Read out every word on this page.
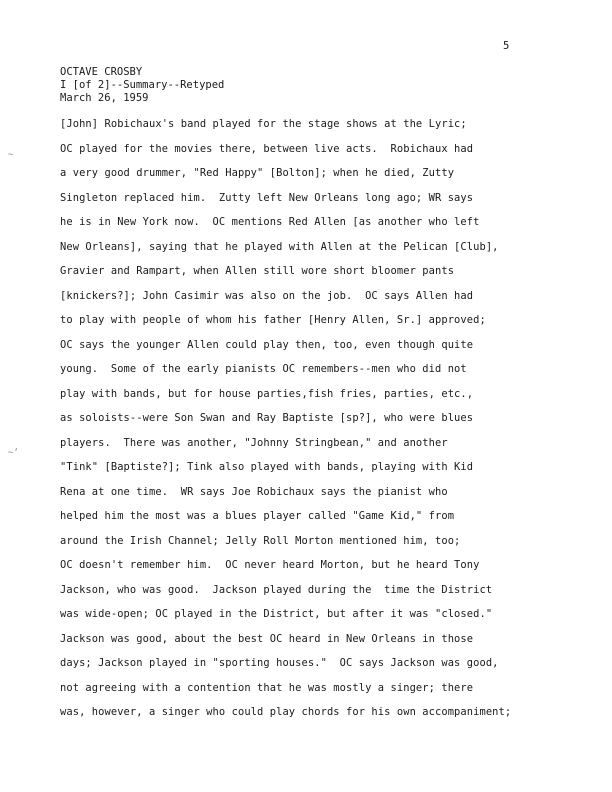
5
OCTAVE CROSBY
I [of 2]--Summary--Retyped
March 26, 1959
∼
∼‘
[John] Robichaux's band played for the stage shows at the Lyric;
OC played for the movies there, between live acts.  Robichaux had
a very good drummer, "Red Happy" [Bolton]; when he died, Zutty
Singleton replaced him.  Zutty left New Orleans long ago; WR says
he is in New York now.  OC mentions Red Allen [as another who left
New Orleans], saying that he played with Allen at the Pelican [Club],
Gravier and Rampart, when Allen still wore short bloomer pants
[knickers?]; John Casimir was also on the job.  OC says Allen had
to play with people of whom his father [Henry Allen, Sr.] approved;
OC says the younger Allen could play then, too, even though quite
young.  Some of the early pianists OC remembers--men who did not
play with bands, but for house parties,fish fries, parties, etc.,
as soloists--were Son Swan and Ray Baptiste [sp?], who were blues
players.  There was another, "Johnny Stringbean," and another
"Tink" [Baptiste?]; Tink also played with bands, playing with Kid
Rena at one time.  WR says Joe Robichaux says the pianist who
helped him the most was a blues player called "Game Kid," from
around the Irish Channel; Jelly Roll Morton mentioned him, too;
OC doesn't remember him.  OC never heard Morton, but he heard Tony
Jackson, who was good.  Jackson played during the  time the District
was wide-open; OC played in the District, but after it was "closed."
Jackson was good, about the best OC heard in New Orleans in those
days; Jackson played in "sporting houses."  OC says Jackson was good,
not agreeing with a contention that he was mostly a singer; there
was, however, a singer who could play chords for his own accompaniment;
